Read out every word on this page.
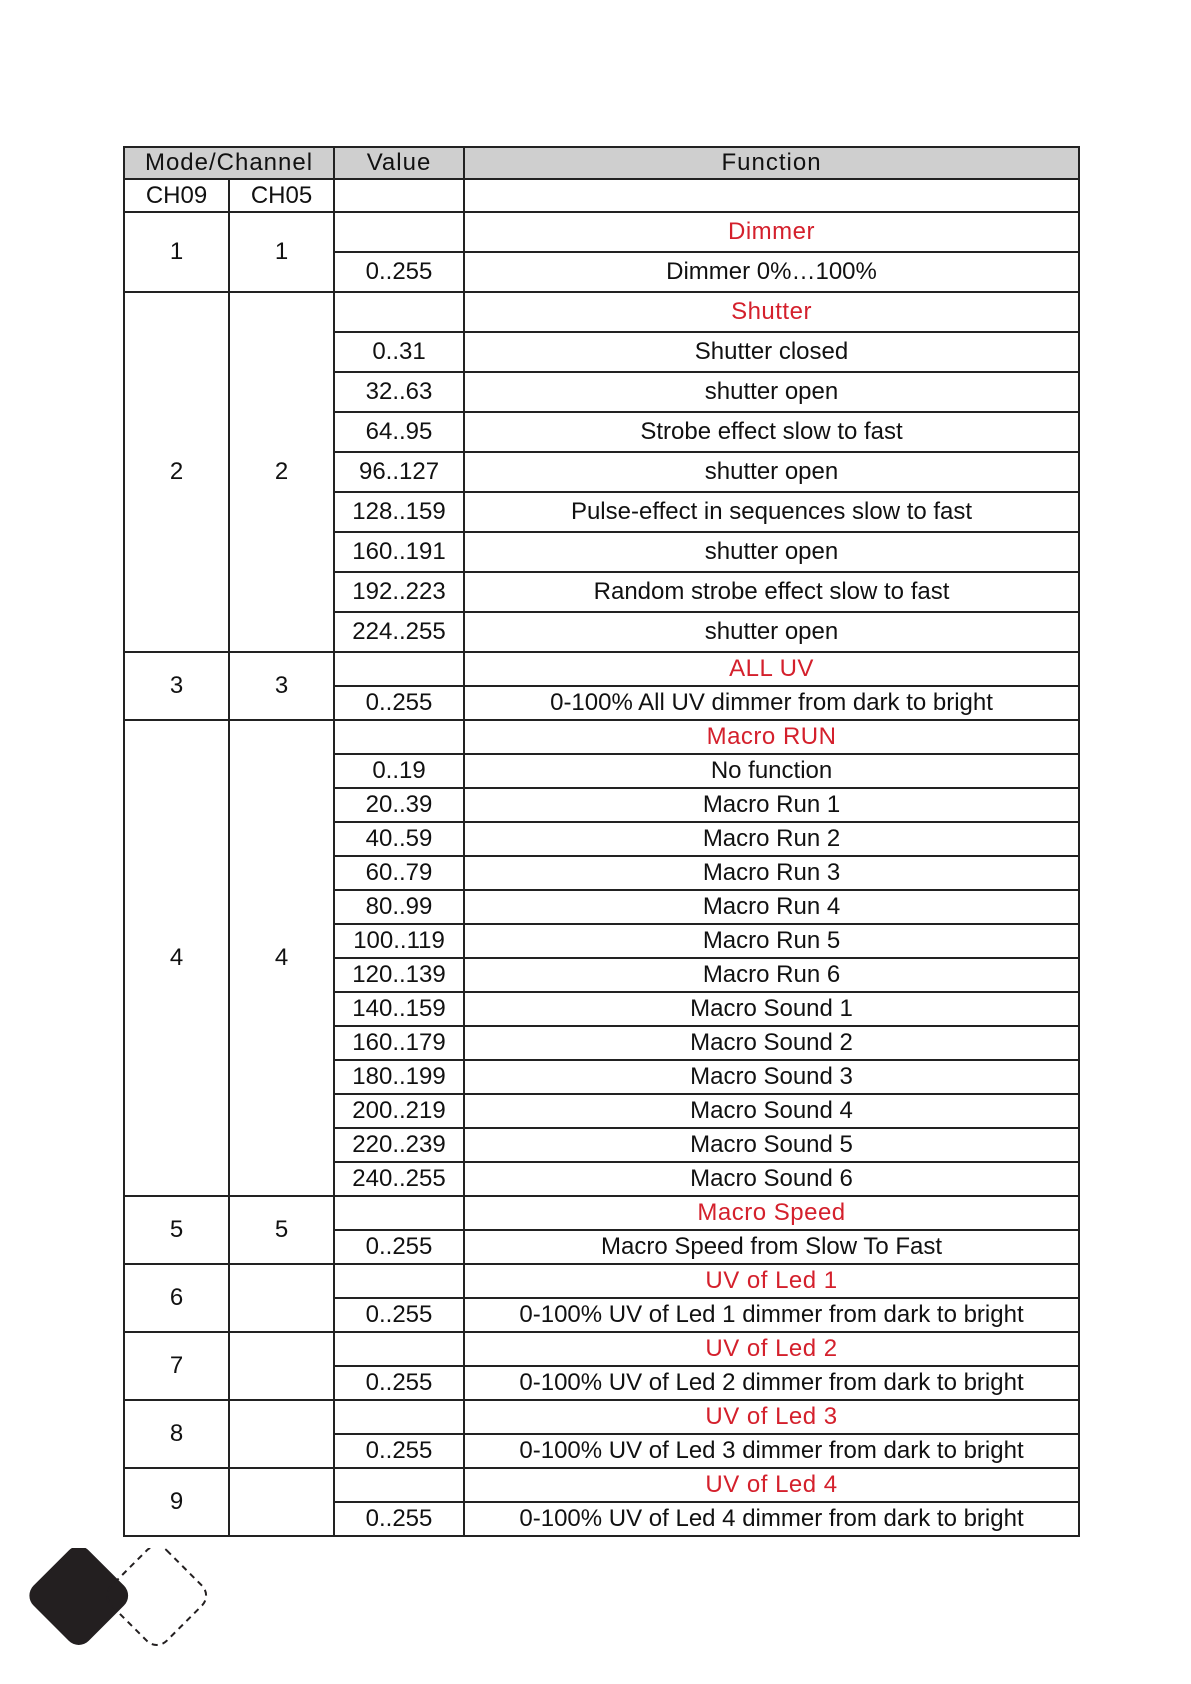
Mode/Channel		Value	Function
CH09	CH05		
1	1		Dimmer
		0..255	Dimmer 0%…100%
2	2		Shutter
		0..31	Shutter closed
		32..63	shutter open
		64..95	Strobe effect slow to fast
		96..127	shutter open
		128..159	Pulse-effect in sequences slow to fast
		160..191	shutter open
		192..223	Random strobe effect slow to fast
		224..255	shutter open
3	3		ALL UV
		0..255	0-100% All UV dimmer from dark to bright
4	4		Macro RUN
		0..19	No function
		20..39	Macro Run 1
		40..59	Macro Run 2
		60..79	Macro Run 3
		80..99	Macro Run 4
		100..119	Macro Run 5
		120..139	Macro Run 6
		140..159	Macro Sound 1
		160..179	Macro Sound 2
		180..199	Macro Sound 3
		200..219	Macro Sound 4
		220..239	Macro Sound 5
		240..255	Macro Sound 6
5	5		Macro Speed
		0..255	Macro Speed from Slow To Fast
6			UV of Led 1
		0..255	0-100% UV of Led 1 dimmer from dark to bright
7			UV of Led 2
		0..255	0-100% UV of Led 2 dimmer from dark to bright
8			UV of Led 3
		0..255	0-100% UV of Led 3 dimmer from dark to bright
9			UV of Led 4
		0..255	0-100% UV of Led 4 dimmer from dark to bright
